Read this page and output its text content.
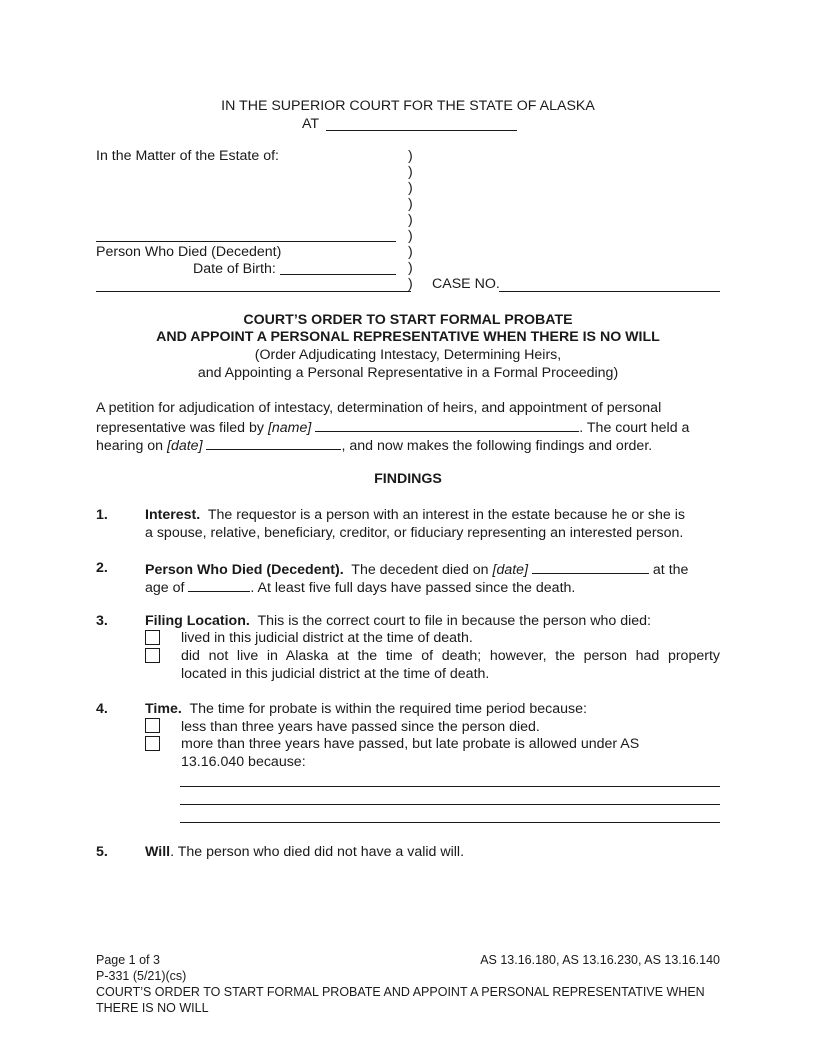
IN THE SUPERIOR COURT FOR THE STATE OF ALASKA
AT
In the Matter of the Estate of:	)
)
)
)
)
)
)
)
)
Person Who Died (Decedent)
Date of Birth:
CASE NO.
COURT’S ORDER TO START FORMAL PROBATE
AND APPOINT A PERSONAL REPRESENTATIVE WHEN THERE IS NO WILL
(Order Adjudicating Intestacy, Determining Heirs,
and Appointing a Personal Representative in a Formal Proceeding)
A petition for adjudication of intestacy, determination of heirs, and appointment of personal
representative was filed by [name]	. The court held a
hearing on [date]	, and now makes the following findings and order.
FINDINGS
1.	Interest. The requestor is a person with an interest in the estate because he or she is
a spouse, relative, beneficiary, creditor, or fiduciary representing an interested person.
2.	Person Who Died (Decedent). The decedent died on [date]	at the
age of	. At least five full days have passed since the death.
3.	Filing Location. This is the correct court to file in because the person who died:
lived in this judicial district at the time of death.
did not live in Alaska at the time of death; however, the person had property
located in this judicial district at the time of death.
4.	Time. The time for probate is within the required time period because:
less than three years have passed since the person died.
more than three years have passed, but late probate is allowed under AS
13.16.040 because:
5.	Will. The person who died did not have a valid will.
Page 1 of 3	AS 13.16.180, AS 13.16.230, AS 13.16.140
P-331 (5/21)(cs)
COURT’S ORDER TO START FORMAL PROBATE AND APPOINT A PERSONAL REPRESENTATIVE WHEN
THERE IS NO WILL
